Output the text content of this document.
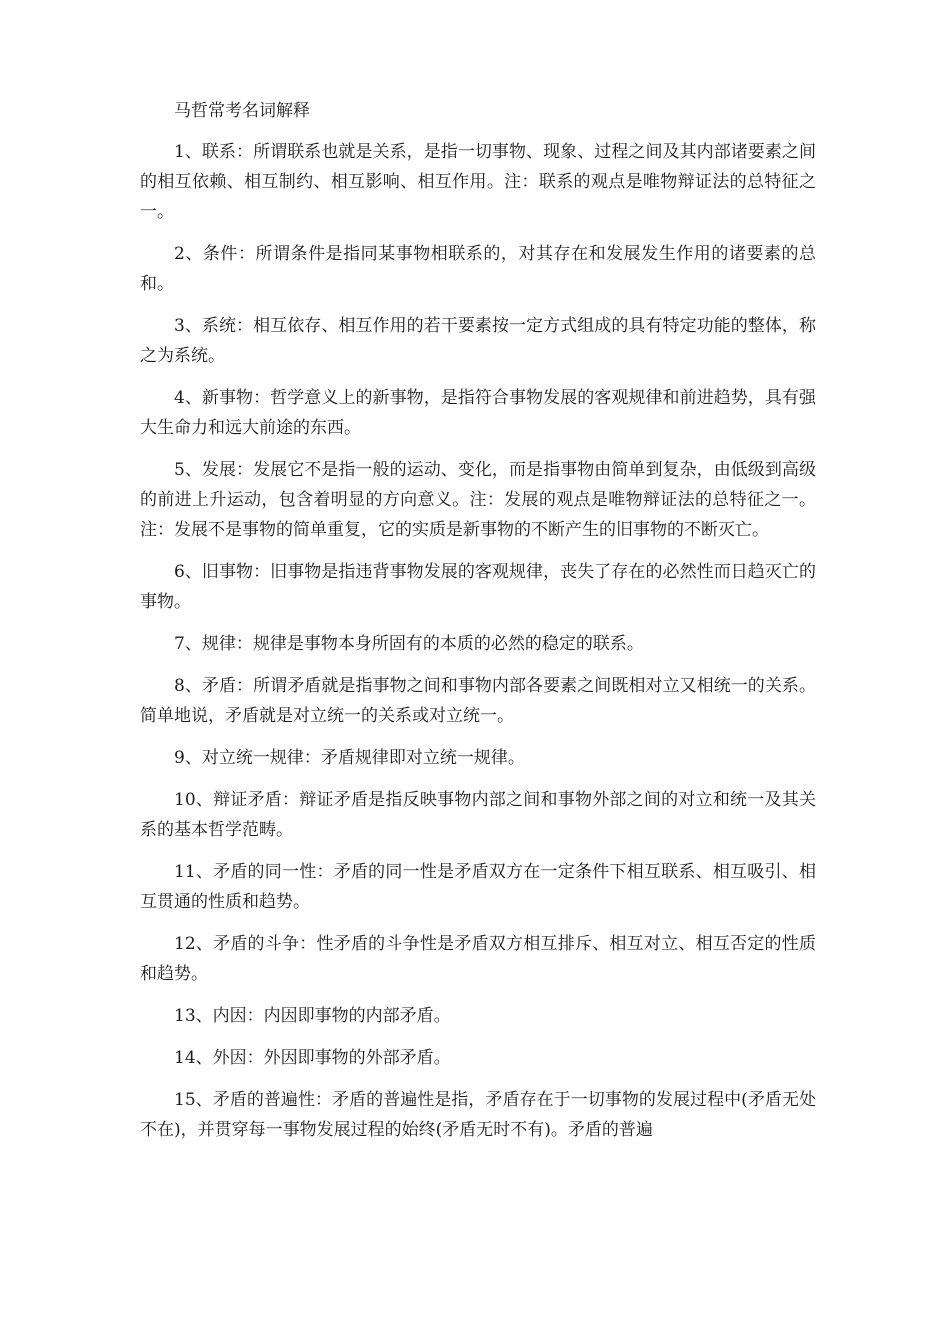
马哲常考名词解释

1、联系：所谓联系也就是关系，是指一切事物、现象、过程之间及其内部诸要素之间的相互依赖、相互制约、相互影响、相互作用。注：联系的观点是唯物辩证法的总特征之一。

2、条件：所谓条件是指同某事物相联系的，对其存在和发展发生作用的诸要素的总和。

3、系统：相互依存、相互作用的若干要素按一定方式组成的具有特定功能的整体，称之为系统。

4、新事物：哲学意义上的新事物，是指符合事物发展的客观规律和前进趋势，具有强大生命力和远大前途的东西。

5、发展：发展它不是指一般的运动、变化，而是指事物由简单到复杂，由低级到高级的前进上升运动，包含着明显的方向意义。注：发展的观点是唯物辩证法的总特征之一。注：发展不是事物的简单重复，它的实质是新事物的不断产生的旧事物的不断灭亡。

6、旧事物：旧事物是指违背事物发展的客观规律，丧失了存在的必然性而日趋灭亡的事物。

7、规律：规律是事物本身所固有的本质的必然的稳定的联系。

8、矛盾：所谓矛盾就是指事物之间和事物内部各要素之间既相对立又相统一的关系。简单地说，矛盾就是对立统一的关系或对立统一。

9、对立统一规律：矛盾规律即对立统一规律。

10、辩证矛盾：辩证矛盾是指反映事物内部之间和事物外部之间的对立和统一及其关系的基本哲学范畴。

11、矛盾的同一性：矛盾的同一性是矛盾双方在一定条件下相互联系、相互吸引、相互贯通的性质和趋势。

12、矛盾的斗争：性矛盾的斗争性是矛盾双方相互排斥、相互对立、相互否定的性质和趋势。

13、内因：内因即事物的内部矛盾。

14、外因：外因即事物的外部矛盾。

15、矛盾的普遍性：矛盾的普遍性是指，矛盾存在于一切事物的发展过程中(矛盾无处不在)，并贯穿每一事物发展过程的始终(矛盾无时不有)。矛盾的普遍
